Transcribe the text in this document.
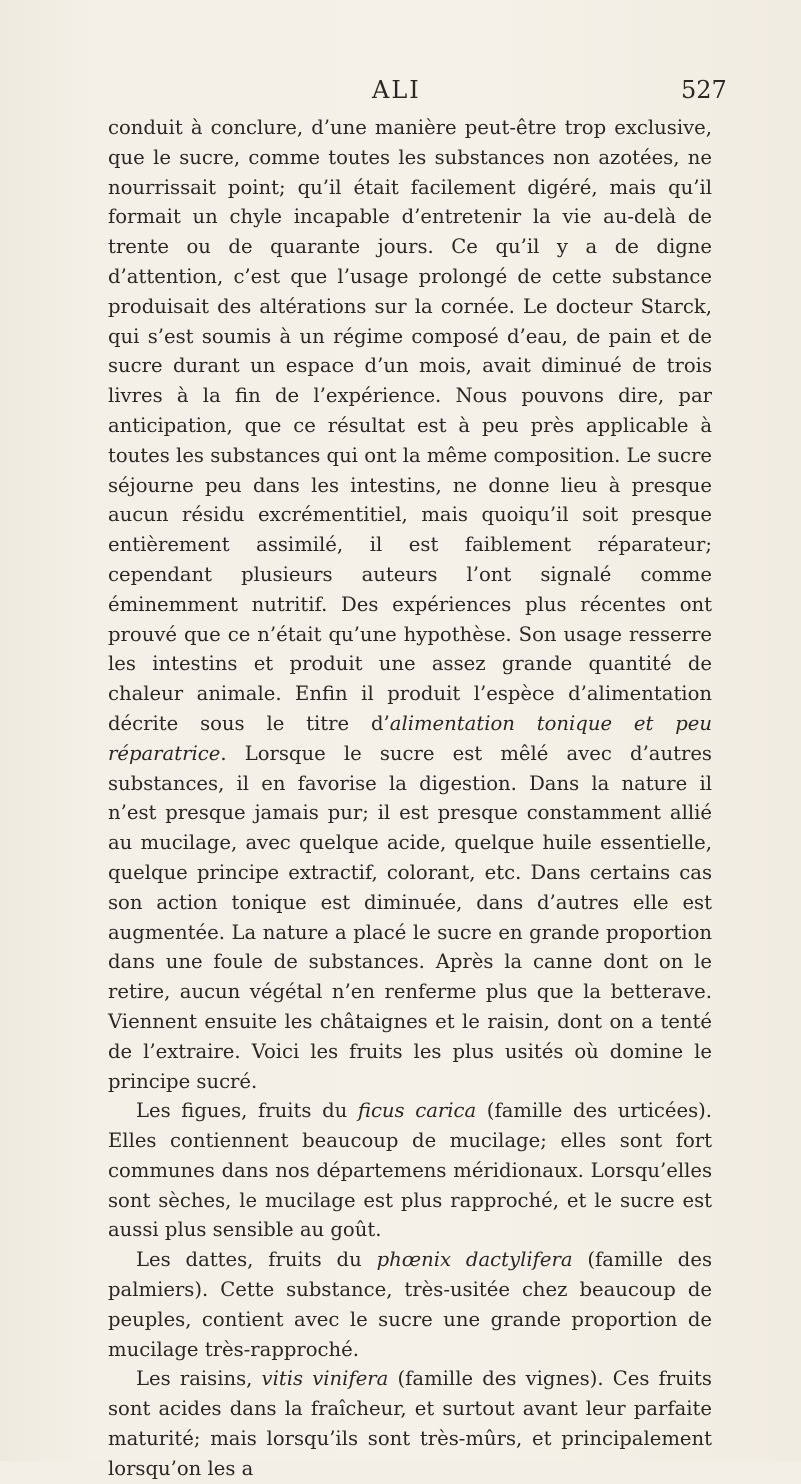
ALI	527

conduit à conclure, d’une manière peut-être trop exclusive, que le sucre, comme toutes les substances non azotées, ne nourrissait point; qu’il était facilement digéré, mais qu’il formait un chyle incapable d’entretenir la vie au-delà de trente ou de quarante jours. Ce qu’il y a de digne d’attention, c’est que l’usage prolongé de cette substance produisait des altérations sur la cornée. Le docteur Starck, qui s’est soumis à un régime composé d’eau, de pain et de sucre durant un espace d’un mois, avait diminué de trois livres à la fin de l’expérience. Nous pouvons dire, par anticipation, que ce résultat est à peu près applicable à toutes les substances qui ont la même composition. Le sucre séjourne peu dans les intestins, ne donne lieu à presque aucun résidu excrémentitiel, mais quoiqu’il soit presque entièrement assimilé, il est faiblement réparateur; cependant plusieurs auteurs l’ont signalé comme éminemment nutritif. Des expériences plus récentes ont prouvé que ce n’était qu’une hypothèse. Son usage resserre les intestins et produit une assez grande quantité de chaleur animale. Enfin il produit l’espèce d’alimentation décrite sous le titre d’alimentation tonique et peu réparatrice. Lorsque le sucre est mêlé avec d’autres substances, il en favorise la digestion. Dans la nature il n’est presque jamais pur; il est presque constamment allié au mucilage, avec quelque acide, quelque huile essentielle, quelque principe extractif, colorant, etc. Dans certains cas son action tonique est diminuée, dans d’autres elle est augmentée. La nature a placé le sucre en grande proportion dans une foule de substances. Après la canne dont on le retire, aucun végétal n’en renferme plus que la betterave. Viennent ensuite les châtaignes et le raisin, dont on a tenté de l’extraire. Voici les fruits les plus usités où domine le principe sucré.

Les figues, fruits du ficus carica (famille des urticées). Elles contiennent beaucoup de mucilage; elles sont fort communes dans nos départemens méridionaux. Lorsqu’elles sont sèches, le mucilage est plus rapproché, et le sucre est aussi plus sensible au goût.

Les dattes, fruits du phœnix dactylifera (famille des palmiers). Cette substance, très-usitée chez beaucoup de peuples, contient avec le sucre une grande proportion de mucilage très-rapproché.

Les raisins, vitis vinifera (famille des vignes). Ces fruits sont acides dans la fraîcheur, et surtout avant leur parfaite maturité; mais lorsqu’ils sont très-mûrs, et principalement lorsqu’on les a
